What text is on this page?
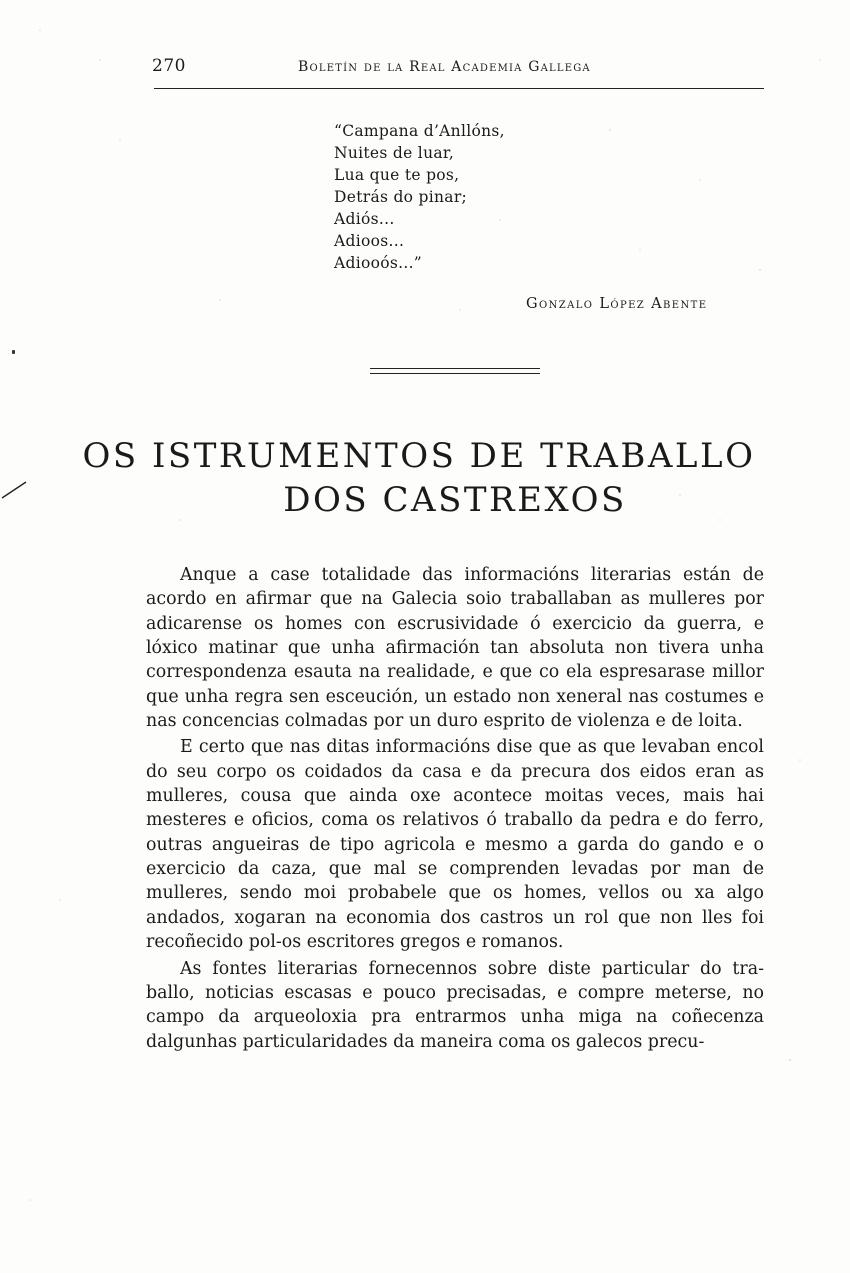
270	Boletín de la Real Academia Gallega
“Campana d’Anllóns,
Nuites de luar,
Lua que te pos,
Detrás do pinar;
Adiós...
Adioos...
Adiooós...”
Gonzalo López Abente
OS ISTRUMENTOS DE TRABALLO
DOS CASTREXOS

Anque a case totalidade das informaciόns literarias están de acordo en afirmar que na Galecia soio traballaban as mulleres por adicarense os homes con escrusividade ό exercicio da guerra, e lόxico matinar que unha afirmaciόn tan absoluta non tivera unha correspondenza esauta na realidade, e que co ela espresarase millor que unha regra sen esceuciόn, un estado non xeneral nas costumes e nas concencias colmadas por un duro esprito de violenza e de loita.

E certo que nas ditas informaciόns dise que as que levaban encol do seu corpo os coidados da casa e da precura dos eidos eran as mulleres, cousa que ainda oxe acontece moitas veces, mais hai mesteres e oficios, coma os relativos ό traballo da pedra e do ferro, outras angueiras de tipo agricola e mesmo a garda do gando e o exercicio da caza, que mal se comprenden levadas por man de mulleres, sendo moi probabele que os homes, vellos ou xa algo andados, xogaran na economia dos castros un rol que non lles foi recoñecido pol-os escritores gregos e romanos.

As fontes literarias fornecennos sobre diste particular do traballo, noticias escasas e pouco precisadas, e compre meterse, no campo da arqueoloxia pra entrarmos unha miga na coñecenza dalgunhas particularidades da maneira coma os galecos precu-
